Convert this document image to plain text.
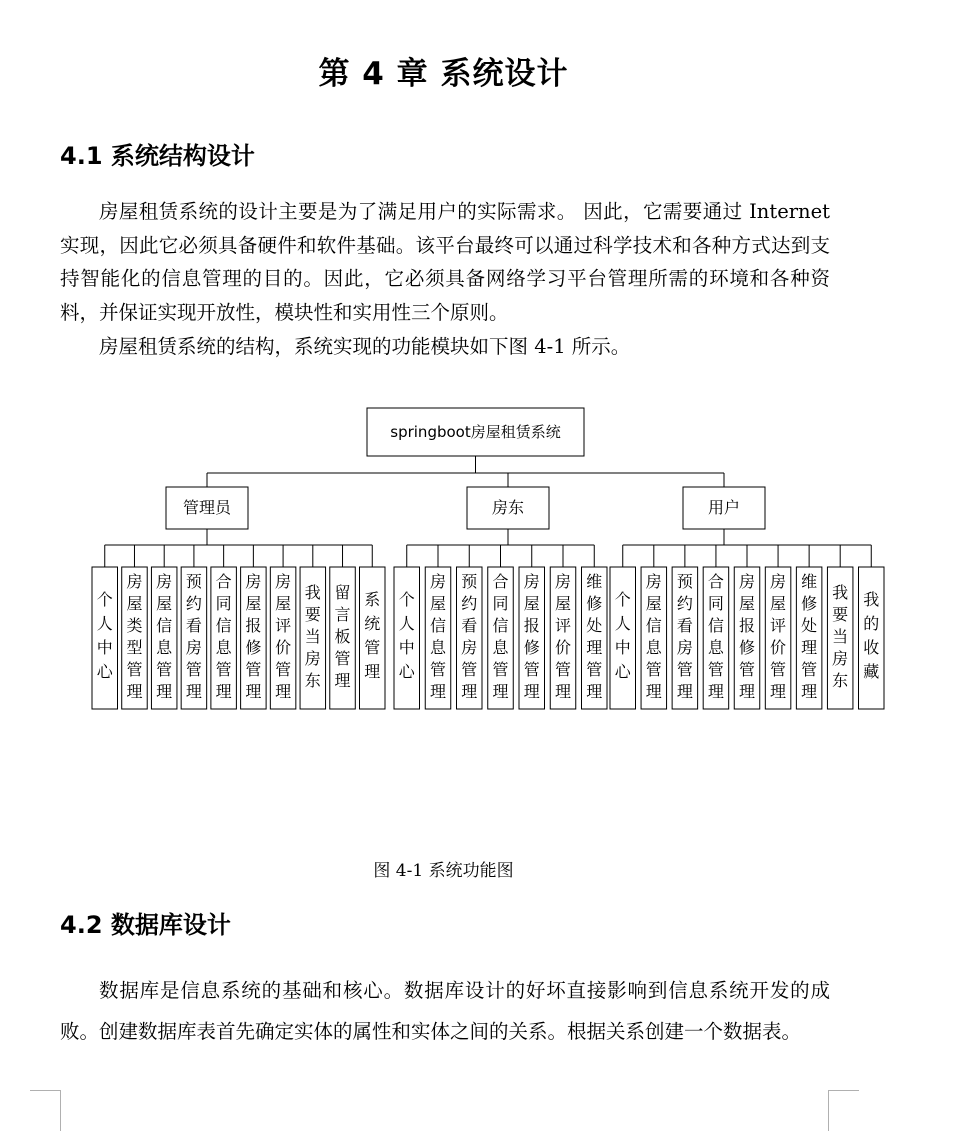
第 4 章 系统设计
4.1 系统结构设计

房屋租赁系统的设计主要是为了满足用户的实际需求。 因此，它需要通过 Internet 实现，因此它必须具备硬件和软件基础。该平台最终可以通过科学技术和各种方式达到支持智能化的信息管理的目的。因此，它必须具备网络学习平台管理所需的环境和各种资料，并保证实现开放性，模块性和实用性三个原则。

房屋租赁系统的结构，系统实现的功能模块如下图 4-1 所示。

springboot房屋租赁系统
管理员
个
人
中
心
房
屋
类
型
管
理
房
屋
信
息
管
理
预
约
看
房
管
理
合
同
信
息
管
理
房
屋
报
修
管
理
房
屋
评
价
管
理
我
要
当
房
东
留
言
板
管
理
系
统
管
理
房东
个
人
中
心
房
屋
信
息
管
理
预
约
看
房
管
理
合
同
信
息
管
理
房
屋
报
修
管
理
房
屋
评
价
管
理
维
修
处
理
管
理
用户
个
人
中
心
房
屋
信
息
管
理
预
约
看
房
管
理
合
同
信
息
管
理
房
屋
报
修
管
理
房
屋
评
价
管
理
维
修
处
理
管
理
我
要
当
房
东
我
的
收
藏

图 4-1 系统功能图

4.2 数据库设计

数据库是信息系统的基础和核心。数据库设计的好坏直接影响到信息系统开发的成败。创建数据库表首先确定实体的属性和实体之间的关系。根据关系创建一个数据表。
